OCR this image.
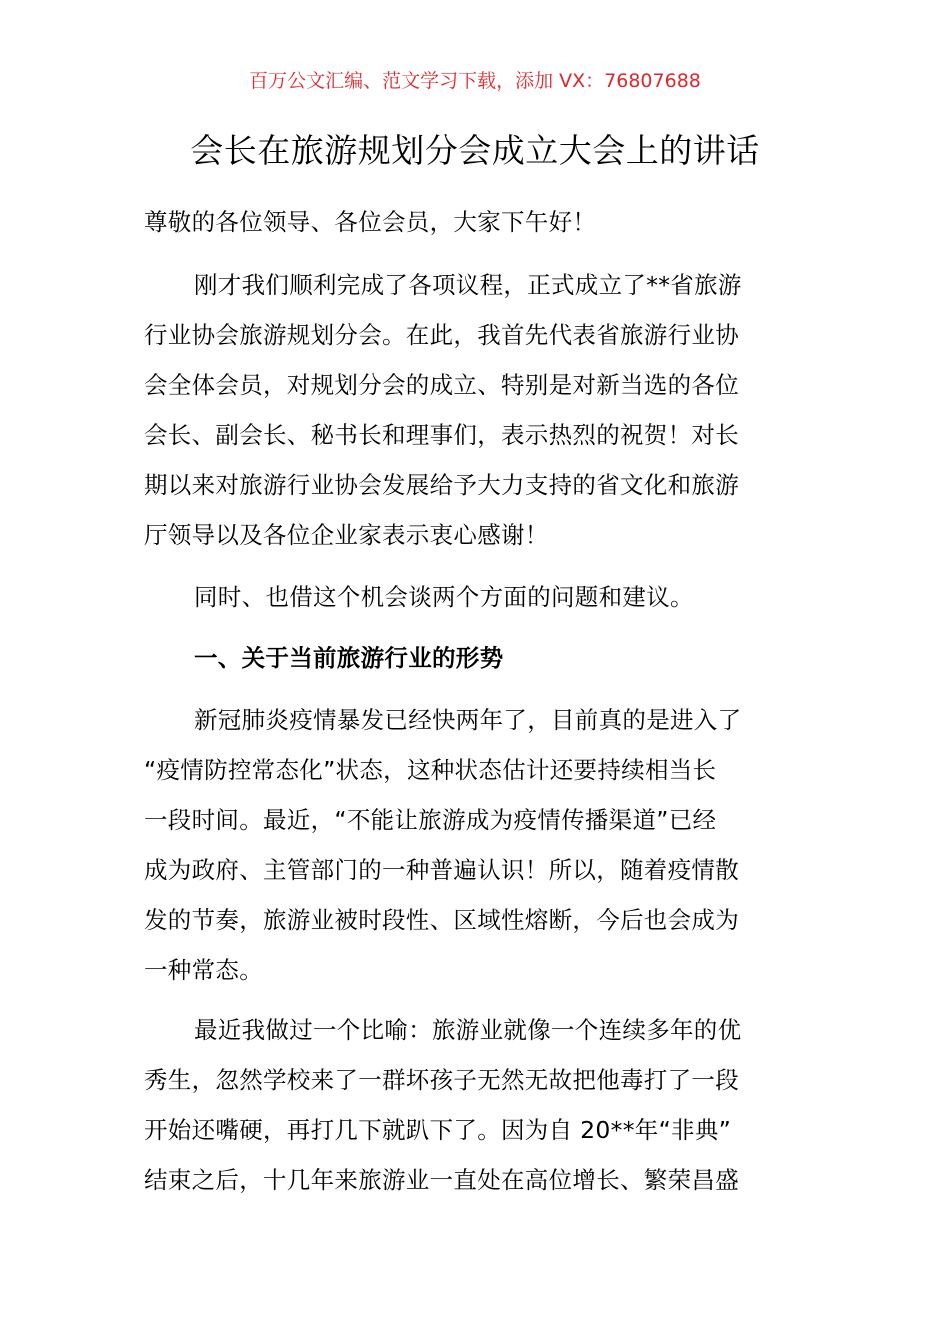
百万公文汇编、范文学习下载，添加 VX：76807688
会长在旅游规划分会成立大会上的讲话
尊敬的各位领导、各位会员，大家下午好！
刚才我们顺利完成了各项议程，正式成立了**省旅游
行业协会旅游规划分会。在此，我首先代表省旅游行业协
会全体会员，对规划分会的成立、特别是对新当选的各位
会长、副会长、秘书长和理事们，表示热烈的祝贺！对长
期以来对旅游行业协会发展给予大力支持的省文化和旅游
厅领导以及各位企业家表示衷心感谢！
同时、也借这个机会谈两个方面的问题和建议。
一、关于当前旅游行业的形势
新冠肺炎疫情暴发已经快两年了，目前真的是进入了
“疫情防控常态化”状态，这种状态估计还要持续相当长
一段时间。最近，“不能让旅游成为疫情传播渠道”已经
成为政府、主管部门的一种普遍认识！所以，随着疫情散
发的节奏，旅游业被时段性、区域性熔断，今后也会成为
一种常态。
最近我做过一个比喻：旅游业就像一个连续多年的优
秀生，忽然学校来了一群坏孩子无然无故把他毒打了一段
开始还嘴硬，再打几下就趴下了。因为自 20**年“非典”
结束之后，十几年来旅游业一直处在高位增长、繁荣昌盛
